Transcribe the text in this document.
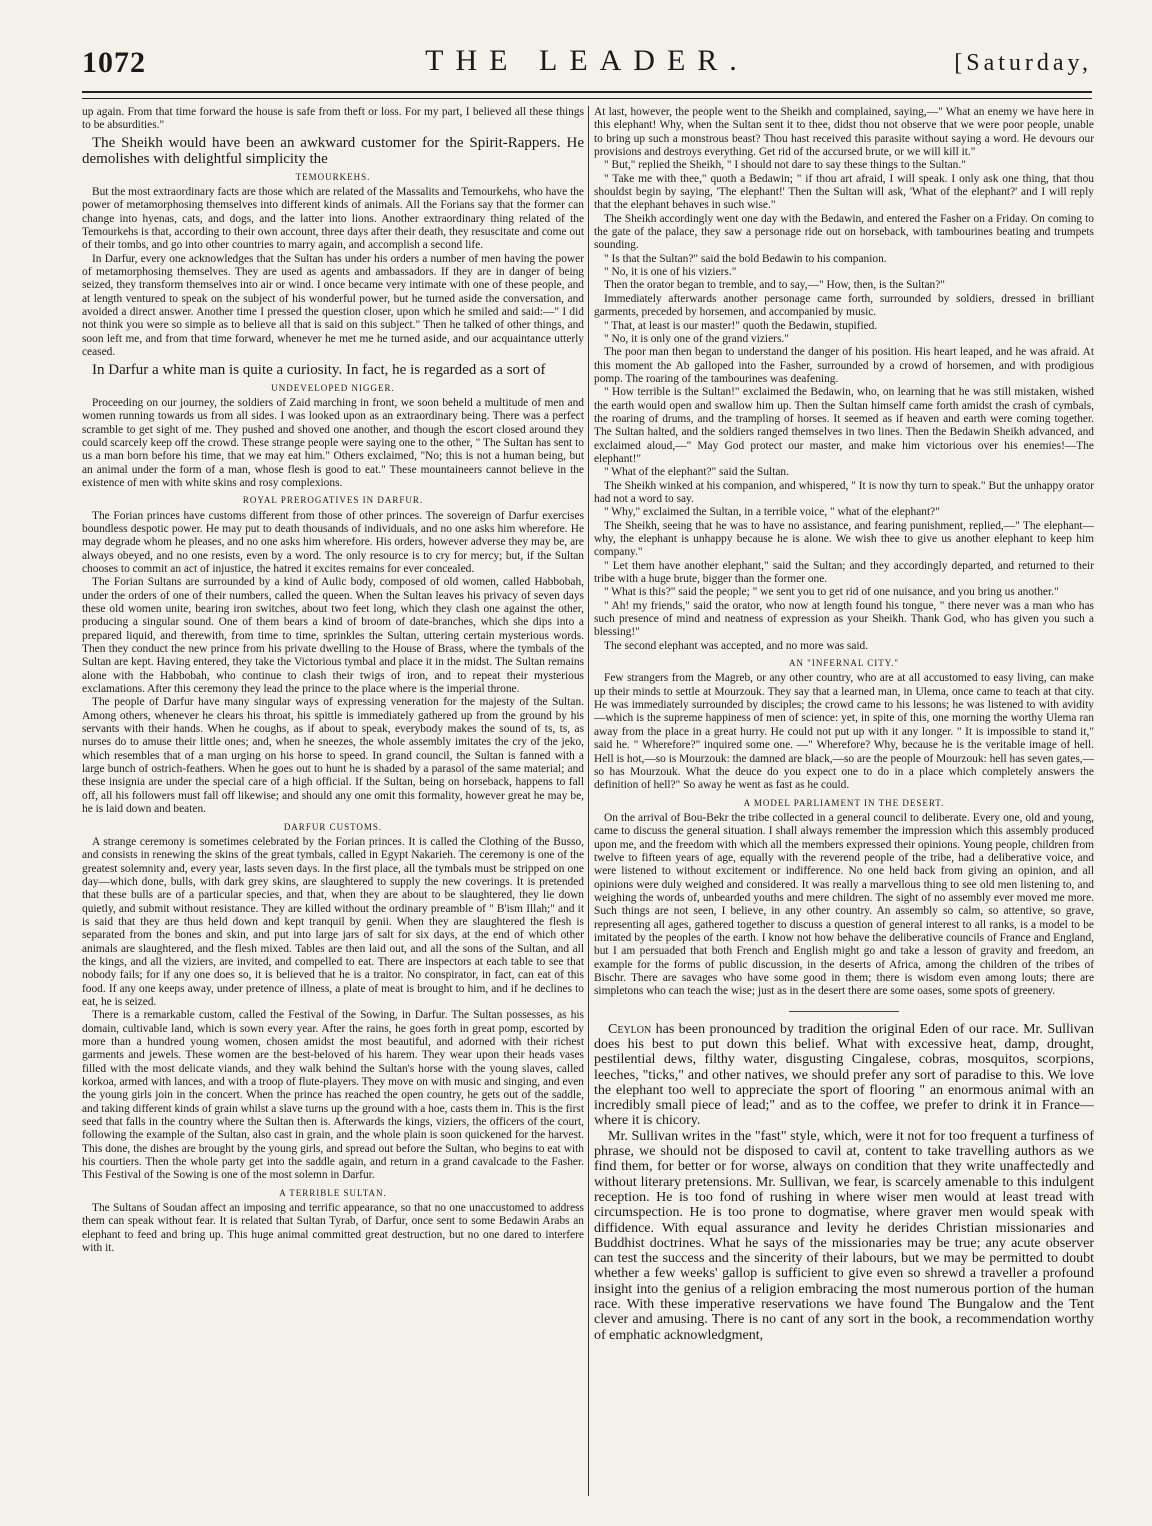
1072	THE LEADER.	[Saturday,

up again. From that time forward the house is safe from theft or loss. For my part, I believed all these things to be absurdities."

The Sheikh would have been an awkward customer for the Spirit-Rappers. He demolishes with delightful simplicity the

TEMOURKEHS.

But the most extraordinary facts are those which are related of the Massalits and Temourkehs, who have the power of metamorphosing themselves into different kinds of animals. All the Forians say that the former can change into hyenas, cats, and dogs, and the latter into lions. Another extraordinary thing related of the Temourkehs is that, according to their own account, three days after their death, they resuscitate and come out of their tombs, and go into other countries to marry again, and accomplish a second life.

In Darfur, every one acknowledges that the Sultan has under his orders a number of men having the power of metamorphosing themselves. They are used as agents and ambassadors. If they are in danger of being seized, they transform themselves into air or wind. I once became very intimate with one of these people, and at length ventured to speak on the subject of his wonderful power, but he turned aside the conversation, and avoided a direct answer. Another time I pressed the question closer, upon which he smiled and said:—" I did not think you were so simple as to believe all that is said on this subject." Then he talked of other things, and soon left me, and from that time forward, whenever he met me he turned aside, and our acquaintance utterly ceased.

In Darfur a white man is quite a curiosity. In fact, he is regarded as a sort of

UNDEVELOPED NIGGER.

Proceeding on our journey, the soldiers of Zaid marching in front, we soon beheld a multitude of men and women running towards us from all sides. I was looked upon as an extraordinary being. There was a perfect scramble to get sight of me. They pushed and shoved one another, and though the escort closed around they could scarcely keep off the crowd. These strange people were saying one to the other, " The Sultan has sent to us a man born before his time, that we may eat him." Others exclaimed, "No; this is not a human being, but an animal under the form of a man, whose flesh is good to eat." These mountaineers cannot believe in the existence of men with white skins and rosy complexions.

ROYAL PREROGATIVES IN DARFUR.

The Forian princes have customs different from those of other princes. The sovereign of Darfur exercises boundless despotic power. He may put to death thousands of individuals, and no one asks him wherefore. He may degrade whom he pleases, and no one asks him wherefore. His orders, however adverse they may be, are always obeyed, and no one resists, even by a word. The only resource is to cry for mercy; but, if the Sultan chooses to commit an act of injustice, the hatred it excites remains for ever concealed.

The Forian Sultans are surrounded by a kind of Aulic body, composed of old women, called Habbobah, under the orders of one of their numbers, called the queen. When the Sultan leaves his privacy of seven days these old women unite, bearing iron switches, about two feet long, which they clash one against the other, producing a singular sound. One of them bears a kind of broom of date-branches, which she dips into a prepared liquid, and therewith, from time to time, sprinkles the Sultan, uttering certain mysterious words. Then they conduct the new prince from his private dwelling to the House of Brass, where the tymbals of the Sultan are kept. Having entered, they take the Victorious tymbal and place it in the midst. The Sultan remains alone with the Habbobah, who continue to clash their twigs of iron, and to repeat their mysterious exclamations. After this ceremony they lead the prince to the place where is the imperial throne.

The people of Darfur have many singular ways of expressing veneration for the majesty of the Sultan. Among others, whenever he clears his throat, his spittle is immediately gathered up from the ground by his servants with their hands. When he coughs, as if about to speak, everybody makes the sound of ts, ts, as nurses do to amuse their little ones; and, when he sneezes, the whole assembly imitates the cry of the jeko, which resembles that of a man urging on his horse to speed. In grand council, the Sultan is fanned with a large bunch of ostrich-feathers. When he goes out to hunt he is shaded by a parasol of the same material; and these insignia are under the special care of a high official. If the Sultan, being on horseback, happens to fall off, all his followers must fall off likewise; and should any one omit this formality, however great he may be, he is laid down and beaten.

DARFUR CUSTOMS.

A strange ceremony is sometimes celebrated by the Forian princes. It is called the Clothing of the Busso, and consists in renewing the skins of the great tymbals, called in Egypt Nakarieh. The ceremony is one of the greatest solemnity and, every year, lasts seven days. In the first place, all the tymbals must be stripped on one day—which done, bulls, with dark grey skins, are slaughtered to supply the new coverings. It is pretended that these bulls are of a particular species, and that, when they are about to be slaughtered, they lie down quietly, and submit without resistance. They are killed without the ordinary preamble of " B'ism Illah;" and it is said that they are thus held down and kept tranquil by genii. When they are slaughtered the flesh is separated from the bones and skin, and put into large jars of salt for six days, at the end of which other animals are slaughtered, and the flesh mixed. Tables are then laid out, and all the sons of the Sultan, and all the kings, and all the viziers, are invited, and compelled to eat. There are inspectors at each table to see that nobody fails; for if any one does so, it is believed that he is a traitor. No conspirator, in fact, can eat of this food. If any one keeps away, under pretence of illness, a plate of meat is brought to him, and if he declines to eat, he is seized.

There is a remarkable custom, called the Festival of the Sowing, in Darfur. The Sultan possesses, as his domain, cultivable land, which is sown every year. After the rains, he goes forth in great pomp, escorted by more than a hundred young women, chosen amidst the most beautiful, and adorned with their richest garments and jewels. These women are the best-beloved of his harem. They wear upon their heads vases filled with the most delicate viands, and they walk behind the Sultan's horse with the young slaves, called korkoa, armed with lances, and with a troop of flute-players. They move on with music and singing, and even the young girls join in the concert. When the prince has reached the open country, he gets out of the saddle, and taking different kinds of grain whilst a slave turns up the ground with a hoe, casts them in. This is the first seed that falls in the country where the Sultan then is. Afterwards the kings, viziers, the officers of the court, following the example of the Sultan, also cast in grain, and the whole plain is soon quickened for the harvest. This done, the dishes are brought by the young girls, and spread out before the Sultan, who begins to eat with his courtiers. Then the whole party get into the saddle again, and return in a grand cavalcade to the Fasher. This Festival of the Sowing is one of the most solemn in Darfur.

A TERRIBLE SULTAN.

The Sultans of Soudan affect an imposing and terrific appearance, so that no one unaccustomed to address them can speak without fear. It is related that Sultan Tyrab, of Darfur, once sent to some Bedawin Arabs an elephant to feed and bring up. This huge animal committed great destruction, but no one dared to interfere with it.

At last, however, the people went to the Sheikh and complained, saying,—" What an enemy we have here in this elephant! Why, when the Sultan sent it to thee, didst thou not observe that we were poor people, unable to bring up such a monstrous beast? Thou hast received this parasite without saying a word. He devours our provisions and destroys everything. Get rid of the accursed brute, or we will kill it."

" But," replied the Sheikh, " I should not dare to say these things to the Sultan."

" Take me with thee," quoth a Bedawin; " if thou art afraid, I will speak. I only ask one thing, that thou shouldst begin by saying, 'The elephant!' Then the Sultan will ask, 'What of the elephant?' and I will reply that the elephant behaves in such wise."

The Sheikh accordingly went one day with the Bedawin, and entered the Fasher on a Friday. On coming to the gate of the palace, they saw a personage ride out on horseback, with tambourines beating and trumpets sounding.

" Is that the Sultan?" said the bold Bedawin to his companion.

" No, it is one of his viziers."

Then the orator began to tremble, and to say,—" How, then, is the Sultan?"

Immediately afterwards another personage came forth, surrounded by soldiers, dressed in brilliant garments, preceded by horsemen, and accompanied by music.

" That, at least is our master!" quoth the Bedawin, stupified.

" No, it is only one of the grand viziers."

The poor man then began to understand the danger of his position. His heart leaped, and he was afraid. At this moment the Ab galloped into the Fasher, surrounded by a crowd of horsemen, and with prodigious pomp. The roaring of the tambourines was deafening.

" How terrible is the Sultan!" exclaimed the Bedawin, who, on learning that he was still mistaken, wished the earth would open and swallow him up. Then the Sultan himself came forth amidst the crash of cymbals, the roaring of drums, and the trampling of horses. It seemed as if heaven and earth were coming together. The Sultan halted, and the soldiers ranged themselves in two lines. Then the Bedawin Sheikh advanced, and exclaimed aloud,—" May God protect our master, and make him victorious over his enemies!—The elephant!"

" What of the elephant?" said the Sultan.

The Sheikh winked at his companion, and whispered, " It is now thy turn to speak." But the unhappy orator had not a word to say.

" Why," exclaimed the Sultan, in a terrible voice, " what of the elephant?"

The Sheikh, seeing that he was to have no assistance, and fearing punishment, replied,—" The elephant—why, the elephant is unhappy because he is alone. We wish thee to give us another elephant to keep him company."

" Let them have another elephant," said the Sultan; and they accordingly departed, and returned to their tribe with a huge brute, bigger than the former one.

" What is this?" said the people; " we sent you to get rid of one nuisance, and you bring us another."

" Ah! my friends," said the orator, who now at length found his tongue, " there never was a man who has such presence of mind and neatness of expression as your Sheikh. Thank God, who has given you such a blessing!"

The second elephant was accepted, and no more was said.

AN "INFERNAL CITY."

Few strangers from the Magreb, or any other country, who are at all accustomed to easy living, can make up their minds to settle at Mourzouk. They say that a learned man, in Ulema, once came to teach at that city. He was immediately surrounded by disciples; the crowd came to his lessons; he was listened to with avidity—which is the supreme happiness of men of science: yet, in spite of this, one morning the worthy Ulema ran away from the place in a great hurry. He could not put up with it any longer. " It is impossible to stand it," said he. " Wherefore?" inquired some one. —" Wherefore? Why, because he is the veritable image of hell. Hell is hot,—so is Mourzouk: the damned are black,—so are the people of Mourzouk: hell has seven gates,—so has Mourzouk. What the deuce do you expect one to do in a place which completely answers the definition of hell?" So away he went as fast as he could.

A MODEL PARLIAMENT IN THE DESERT.

On the arrival of Bou-Bekr the tribe collected in a general council to deliberate. Every one, old and young, came to discuss the general situation. I shall always remember the impression which this assembly produced upon me, and the freedom with which all the members expressed their opinions. Young people, children from twelve to fifteen years of age, equally with the reverend people of the tribe, had a deliberative voice, and were listened to without excitement or indifference. No one held back from giving an opinion, and all opinions were duly weighed and considered. It was really a marvellous thing to see old men listening to, and weighing the words of, unbearded youths and mere children. The sight of no assembly ever moved me more. Such things are not seen, I believe, in any other country. An assembly so calm, so attentive, so grave, representing all ages, gathered together to discuss a question of general interest to all ranks, is a model to be imitated by the peoples of the earth. I know not how behave the deliberative councils of France and England, but I am persuaded that both French and English might go and take a lesson of gravity and freedom, an example for the forms of public discussion, in the deserts of Africa, among the children of the tribes of Bischr. There are savages who have some good in them; there is wisdom even among louts; there are simpletons who can teach the wise; just as in the desert there are some oases, some spots of greenery.

Ceylon has been pronounced by tradition the original Eden of our race. Mr. Sullivan does his best to put down this belief. What with excessive heat, damp, drought, pestilential dews, filthy water, disgusting Cingalese, cobras, mosquitos, scorpions, leeches, "ticks," and other natives, we should prefer any sort of paradise to this. We love the elephant too well to appreciate the sport of flooring " an enormous animal with an incredibly small piece of lead;" and as to the coffee, we prefer to drink it in France—where it is chicory.

Mr. Sullivan writes in the "fast" style, which, were it not for too frequent a turfiness of phrase, we should not be disposed to cavil at, content to take travelling authors as we find them, for better or for worse, always on condition that they write unaffectedly and without literary pretensions. Mr. Sullivan, we fear, is scarcely amenable to this indulgent reception. He is too fond of rushing in where wiser men would at least tread with circumspection. He is too prone to dogmatise, where graver men would speak with diffidence. With equal assurance and levity he derides Christian missionaries and Buddhist doctrines. What he says of the missionaries may be true; any acute observer can test the success and the sincerity of their labours, but we may be permitted to doubt whether a few weeks' gallop is sufficient to give even so shrewd a traveller a profound insight into the genius of a religion embracing the most numerous portion of the human race. With these imperative reservations we have found The Bungalow and the Tent clever and amusing. There is no cant of any sort in the book, a recommendation worthy of emphatic acknowledgment,
